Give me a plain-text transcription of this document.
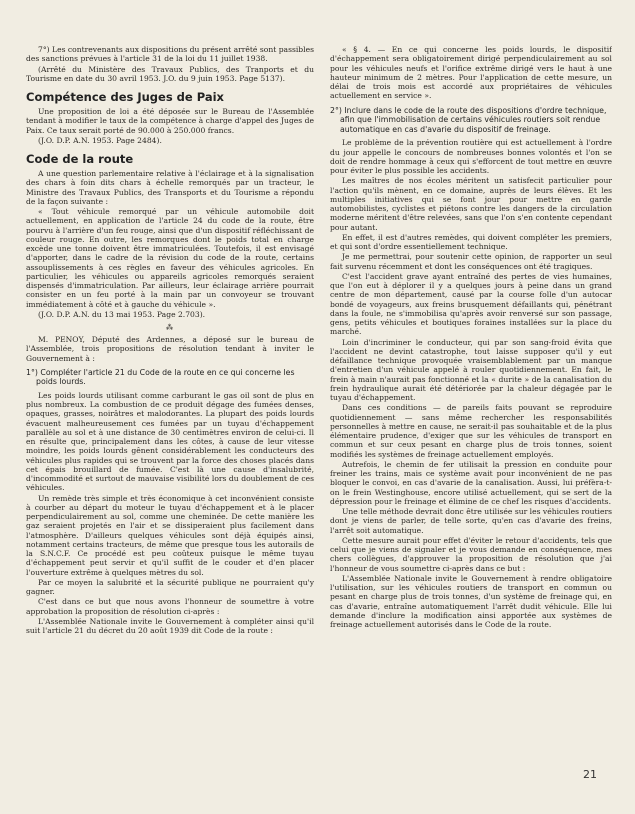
7°) Les contrevenants aux dispositions du présent arrêté sont passibles des sanctions prévues à l'article 31 de la loi du 11 juillet 1938.

(Arrêté du Ministère des Travaux Publics, des Tranports et du Tourisme en date du 30 avril 1953. J.O. du 9 juin 1953. Page 5137).

Compétence des Juges de Paix

Une proposition de loi a été déposée sur le Bureau de l'Assemblée tendant à modifier le taux de la compétence à charge d'appel des Juges de Paix. Ce taux serait porté de 90.000 à 250.000 francs.

(J.O. D.P. A.N. 1953. Page 2484).

Code de la route

A une question parlementaire relative à l'éclairage et à la signalisation des chars à foin dits chars à échelle remorqués par un tracteur, le Ministre des Travaux Publics, des Transports et du Tourisme a répondu de la façon suivante :

« Tout véhicule remorqué par un véhicule automobile doit actuellement, en application de l'article 24 du code de la route, être pourvu à l'arrière d'un feu rouge, ainsi que d'un dispositif réfléchissant de couleur rouge. En outre, les remorques dont le poids total en charge excède une tonne doivent être immatriculées. Toutefois, il est envisagé d'apporter, dans le cadre de la révision du code de la route, certains assouplissements à ces règles en faveur des véhicules agricoles. En particulier, les véhicules ou appareils agricoles remorqués seraient dispensés d'immatriculation. Par ailleurs, leur éclairage arrière pourrait consister en un feu porté à la main par un convoyeur se trouvant immédiatement à côté et à gauche du véhicule ».

(J.O. D.P. A.N. du 13 mai 1953. Page 2.703).

⁂

M. PENOY, Député des Ardennes, a déposé sur le bureau de l'Assemblée, trois propositions de résolution tendant à inviter le Gouvernement à :

1°) Compléter l'article 21 du Code de la route en ce qui concerne les poids lourds.

Les poids lourds utilisant comme carburant le gas oil sont de plus en plus nombreux. La combustion de ce produit dégage des fumées denses, opaques, grasses, noirâtres et malodorantes. La plupart des poids lourds évacuent malheureusement ces fumées par un tuyau d'échappement parallèle au sol et à une distance de 30 centimètres environ de celui-ci. Il en résulte que, principalement dans les côtes, à cause de leur vitesse moindre, les poids lourds gênent considérablement les conducteurs des véhicules plus rapides qui se trouvent par la force des choses placés dans cet épais brouillard de fumée. C'est là une cause d'insalubrité, d'incommodité et surtout de mauvaise visibilité lors du doublement de ces véhicules.

Un remède très simple et très économique à cet inconvénient consiste à courber au départ du moteur le tuyau d'échappement et à le placer perpendiculairement au sol, comme une cheminée. De cette manière les gaz seraient projetés en l'air et se dissiperaient plus facilement dans l'atmosphère. D'ailleurs quelques véhicules sont déjà équipés ainsi, notamment certains tracteurs, de même que presque tous les autorails de la S.N.C.F. Ce procédé est peu coûteux puisque le même tuyau d'échappement peut servir et qu'il suffit de le couder et d'en placer l'ouverture extrême à quelques mètres du sol.

Par ce moyen la salubrité et la sécurité publique ne pourraient qu'y gagner.

C'est dans ce but que nous avons l'honneur de soumettre à votre approbation la proposition de résolution ci-après :

L'Assemblée Nationale invite le Gouvernement à compléter ainsi qu'il suit l'article 21 du décret du 20 août 1939 dit Code de la route :

« § 4. — En ce qui concerne les poids lourds, le dispositif d'échappement sera obligatoirement dirigé perpendiculairement au sol pour les véhicules neufs et l'orifice extrême dirigé vers le haut à une hauteur minimum de 2 mètres. Pour l'application de cette mesure, un délai de trois mois est accordé aux propriétaires de véhicules actuellement en service ».

2°) Inclure dans le code de la route des dispositions d'ordre technique, afin que l'immobilisation de certains véhicules routiers soit rendue automatique en cas d'avarie du dispositif de freinage.

Le problème de la prévention routière qui est actuellement à l'ordre du jour appelle le concours de nombreuses bonnes volontés et l'on se doit de rendre hommage à ceux qui s'efforcent de tout mettre en œuvre pour éviter le plus possible les accidents.

Les maîtres de nos écoles méritent un satisfecit particulier pour l'action qu'ils mènent, en ce domaine, auprès de leurs élèves. Et les multiples initiatives qui se font jour pour mettre en garde automobilistes, cyclistes et piétons contre les dangers de la circulation moderne méritent d'être relevées, sans que l'on s'en contente cependant pour autant.

En effet, il est d'autres remèdes, qui doivent compléter les premiers, et qui sont d'ordre essentiellement technique.

Je me permettrai, pour soutenir cette opinion, de rapporter un seul fait survenu récemment et dont les conséquences ont été tragiques.

C'est l'accident grave ayant entraîné des pertes de vies humaines, que l'on eut à déplorer il y a quelques jours à peine dans un grand centre de mon département, causé par la course folle d'un autocar bondé de voyageurs, aux freins brusquement défaillants qui, pénétrant dans la foule, ne s'immobilisa qu'après avoir renversé sur son passage, gens, petits véhicules et boutiques foraines installées sur la place du marché.

Loin d'incriminer le conducteur, qui par son sang-froid évita que l'accident ne devint catastrophe, tout laisse supposer qu'il y eut défaillance technique provoquée vraisemblablement par un manque d'entretien d'un véhicule appelé à rouler quotidiennement. En fait, le frein à main n'aurait pas fonctionné et la « durite » de la canalisation du frein hydraulique aurait été détériorée par la chaleur dégagée par le tuyau d'échappement.

Dans ces conditions — de pareils faits pouvant se reproduire quotidiennement — sans même rechercher les responsabilités personnelles à mettre en cause, ne serait-il pas souhaitable et de la plus élémentaire prudence, d'exiger que sur les véhicules de transport en commun et sur ceux pesant en charge plus de trois tonnes, soient modifiés les systèmes de freinage actuellement employés.

Autrefois, le chemin de fer utilisait la pression en conduite pour freiner les trains, mais ce système avait pour inconvénient de ne pas bloquer le convoi, en cas d'avarie de la canalisation. Aussi, lui préfèra-t-on le frein Westinghouse, encore utilisé actuellement, qui se sert de la dépression pour le freinage et élimine de ce chef les risques d'accidents.

Une telle méthode devrait donc être utilisée sur les véhicules routiers dont je viens de parler, de telle sorte, qu'en cas d'avarie des freins, l'arrêt soit automatique.

Cette mesure aurait pour effet d'éviter le retour d'accidents, tels que celui que je viens de signaler et je vous demande en conséquence, mes chers collègues, d'approuver la proposition de résolution que j'ai l'honneur de vous soumettre ci-après dans ce but :

L'Assemblée Nationale invite le Gouvernement à rendre obligatoire l'utilisation, sur les véhicules routiers de transport en commun ou pesant en charge plus de trois tonnes, d'un système de freinage qui, en cas d'avarie, entraîne automatiquement l'arrêt dudit véhicule. Elle lui demande d'inclure la modification ainsi apportée aux systèmes de freinage actuellement autorisés dans le Code de la route.

21
